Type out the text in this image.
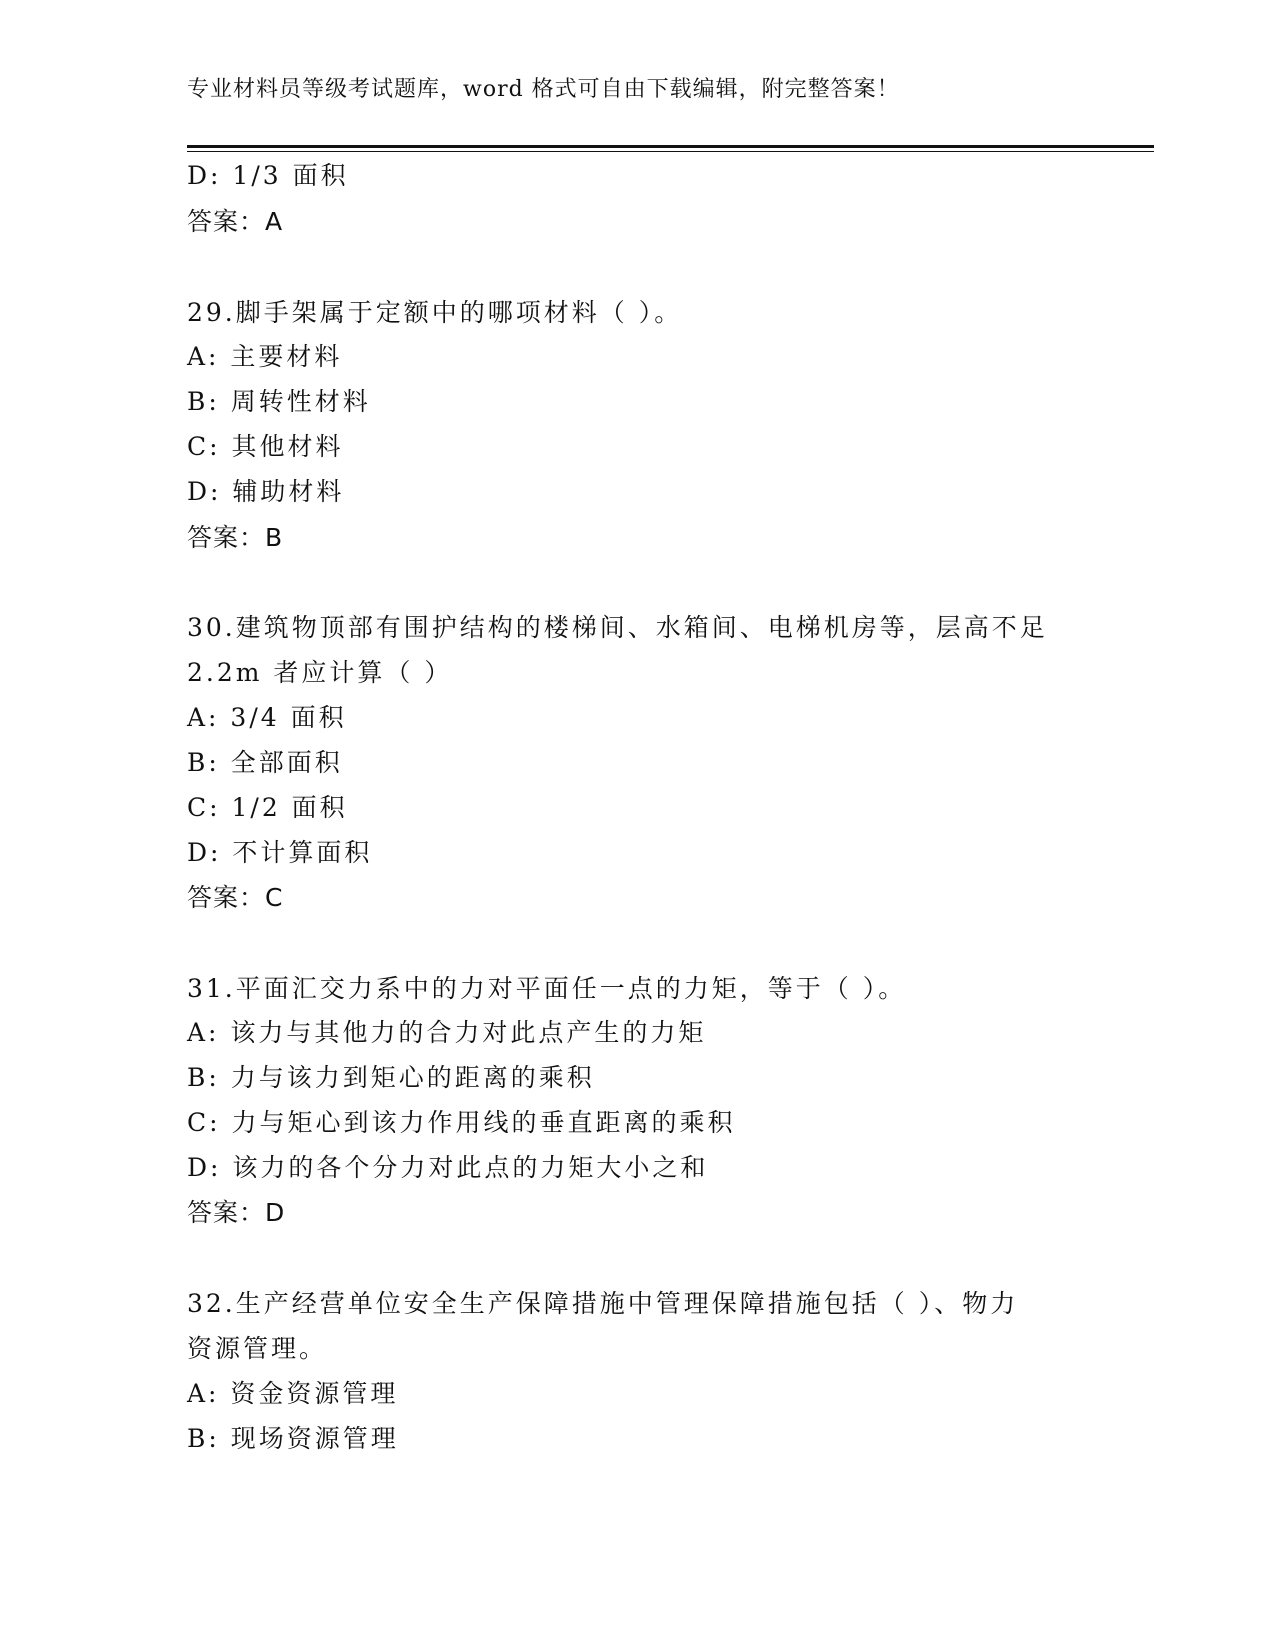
专业材料员等级考试题库，word 格式可自由下载编辑，附完整答案！
D: 1/3 面积
答案：A
29.脚手架属于定额中的哪项材料（ ）。
A: 主要材料
B: 周转性材料
C: 其他材料
D: 辅助材料
答案：B
30.建筑物顶部有围护结构的楼梯间、水箱间、电梯机房等，层高不足
2.2m 者应计算（ ）
A: 3/4 面积
B: 全部面积
C: 1/2 面积
D: 不计算面积
答案：C
31.平面汇交力系中的力对平面任一点的力矩，等于（ ）。
A: 该力与其他力的合力对此点产生的力矩
B: 力与该力到矩心的距离的乘积
C: 力与矩心到该力作用线的垂直距离的乘积
D: 该力的各个分力对此点的力矩大小之和
答案：D
32.生产经营单位安全生产保障措施中管理保障措施包括（ ）、物力
资源管理。
A: 资金资源管理
B: 现场资源管理
